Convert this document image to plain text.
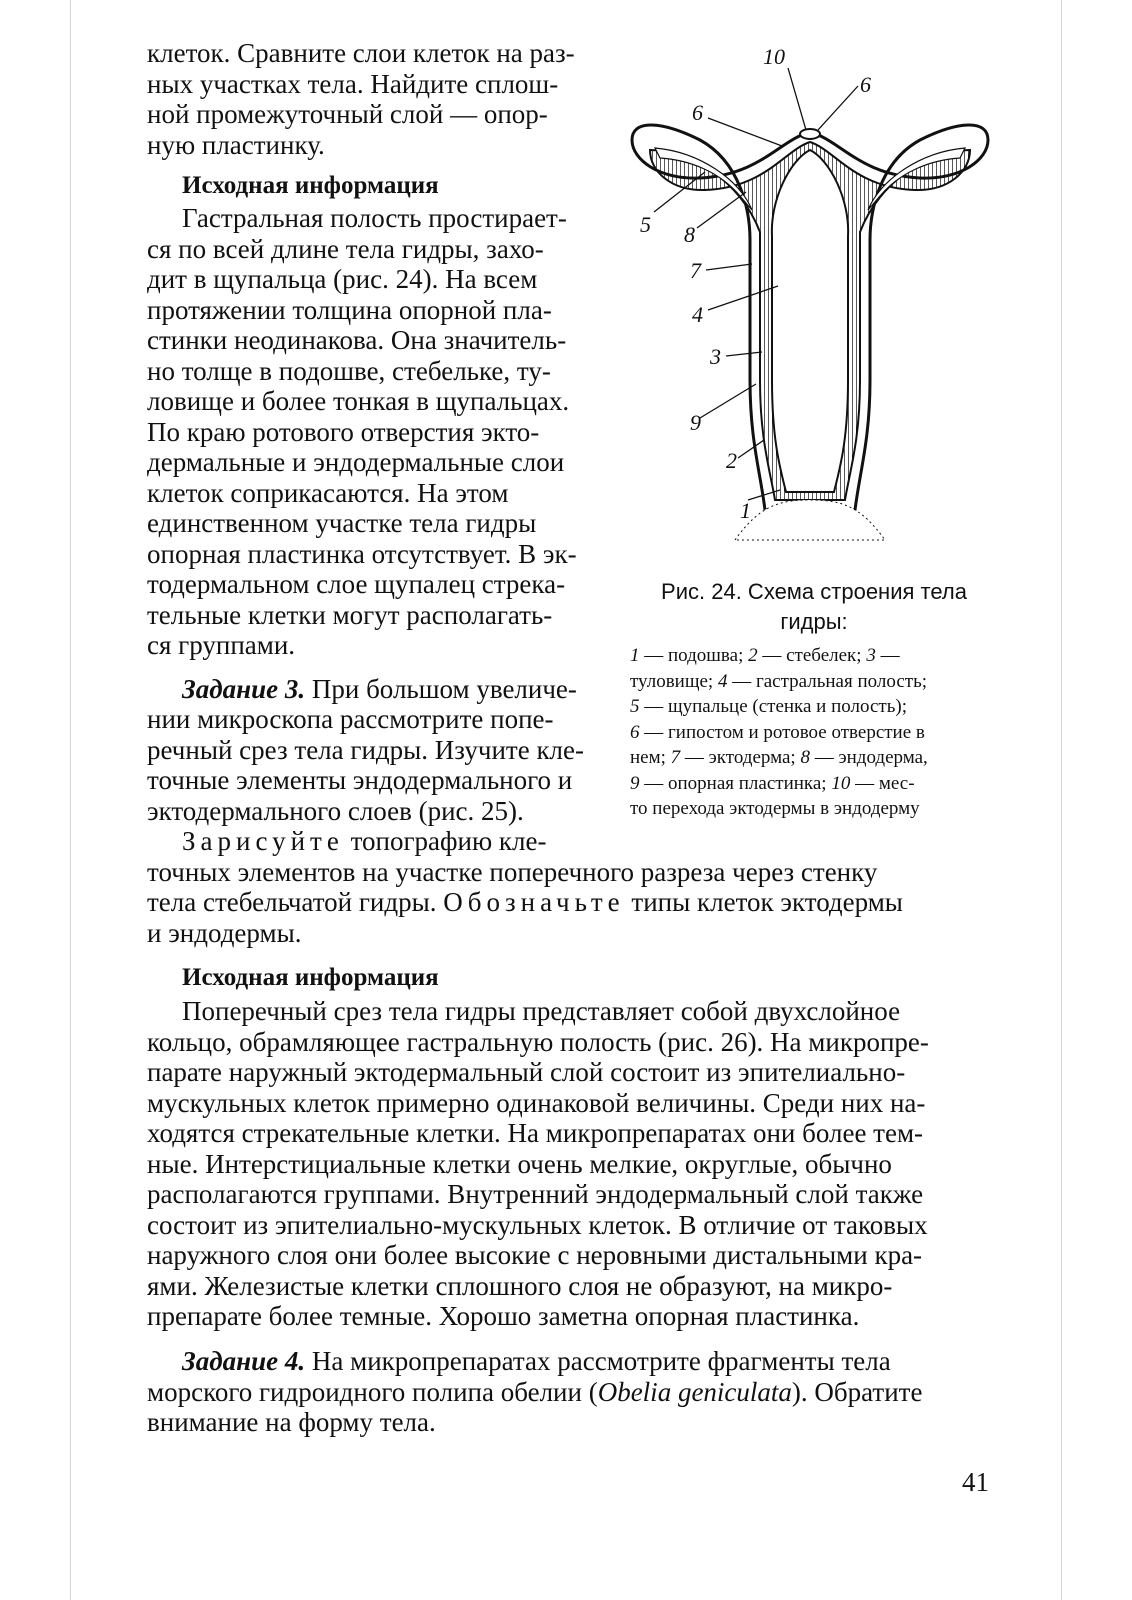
клеток. Сравните слои клеток на раз-

ных участках тела. Найдите сплош-

ной промежуточный слой — опор-

ную пластинку.

Исходная информация

Гастральная полость простирает-

ся по всей длине тела гидры, захо-

дит в щупальца (рис. 24). На всем

протяжении толщина опорной пла-

стинки неодинакова. Она значитель-

но толще в подошве, стебельке, ту-

ловище и более тонкая в щупальцах.

По краю ротового отверстия экто-

дермальные и эндодермальные слои

клеток соприкасаются. На этом

единственном участке тела гидры

опорная пластинка отсутствует. В эк-

тодермальном слое щупалец стрека-

тельные клетки могут располагать-

ся группами.

Задание 3. При большом увеличе-

нии микроскопа рассмотрите попе-

речный срез тела гидры. Изучите кле-

точные элементы эндодермального и

эктодермального слоев (рис. 25).

Зарисуйте топографию кле-

10
6
6
5 8
7
4
3
9
2
1

Рис. 24. Схема строения тела

гидры:

1 — подошва; 2 — стебелек; 3 —

туловище; 4 — гастральная полость;

5 — щупальце (стенка и полость);

6 — гипостом и ротовое отверстие в

нем; 7 — эктодерма; 8 — эндодерма,

9 — опорная пластинка; 10 — мес-

то перехода эктодермы в эндодерму

точных элементов на участке поперечного разреза через стенку

тела стебельчатой гидры. Обозначьте типы клеток эктодермы

и эндодермы.

Исходная информация

Поперечный срез тела гидры представляет собой двухслойное

кольцо, обрамляющее гастральную полость (рис. 26). На микропре-

парате наружный эктодермальный слой состоит из эпителиально-

мускульных клеток примерно одинаковой величины. Среди них на-

ходятся стрекательные клетки. На микропрепаратах они более тем-

ные. Интерстициальные клетки очень мелкие, округлые, обычно

располагаются группами. Внутренний эндодермальный слой также

состоит из эпителиально-мускульных клеток. В отличие от таковых

наружного слоя они более высокие с неровными дистальными кра-

ями. Железистые клетки сплошного слоя не образуют, на микро-

препарате более темные. Хорошо заметна опорная пластинка.

Задание 4. На микропрепаратах рассмотрите фрагменты тела

морского гидроидного полипа обелии (Obelia geniculata). Обратите

внимание на форму тела.

41
